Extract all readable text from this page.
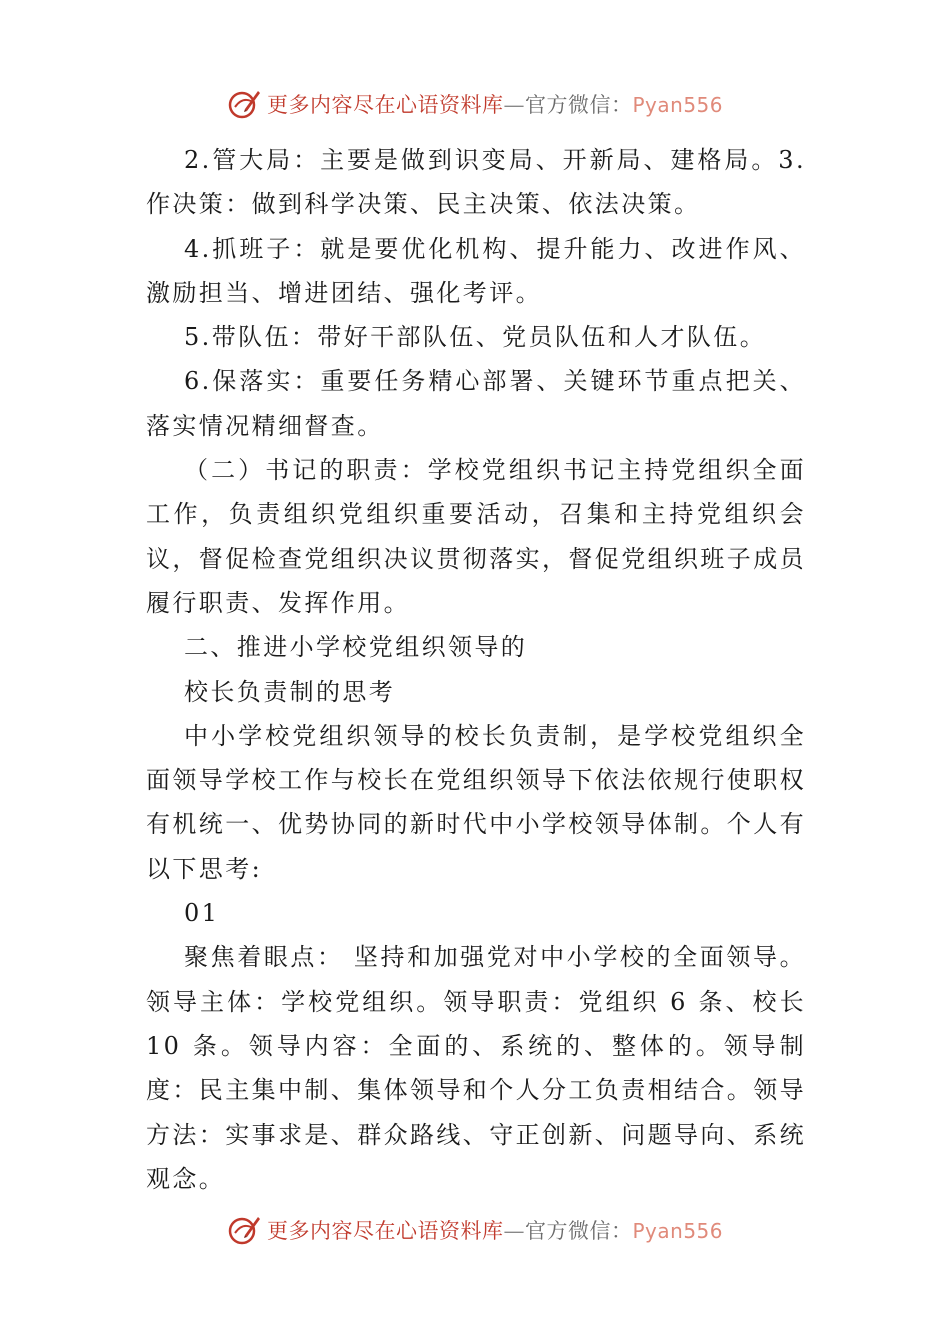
更多内容尽在心语资料库—官方微信：Pyan556

2.管大局：主要是做到识变局、开新局、建格局。3.作决策：做到科学决策、民主决策、依法决策。

4.抓班子：就是要优化机构、提升能力、改进作风、激励担当、增进团结、强化考评。

5.带队伍：带好干部队伍、党员队伍和人才队伍。

6.保落实：重要任务精心部署、关键环节重点把关、落实情况精细督查。

（二）书记的职责：学校党组织书记主持党组织全面工作，负责组织党组织重要活动，召集和主持党组织会议，督促检查党组织决议贯彻落实，督促党组织班子成员履行职责、发挥作用。

二、推进小学校党组织领导的

校长负责制的思考

中小学校党组织领导的校长负责制，是学校党组织全面领导学校工作与校长在党组织领导下依法依规行使职权有机统一、优势协同的新时代中小学校领导体制。个人有以下思考:

01

聚焦着眼点： 坚持和加强党对中小学校的全面领导。领导主体：学校党组织。领导职责：党组织 6 条、校长 10 条。领导内容：全面的、系统的、整体的。领导制度：民主集中制、集体领导和个人分工负责相结合。领导方法：实事求是、群众路线、守正创新、问题导向、系统观念。

更多内容尽在心语资料库—官方微信：Pyan556
